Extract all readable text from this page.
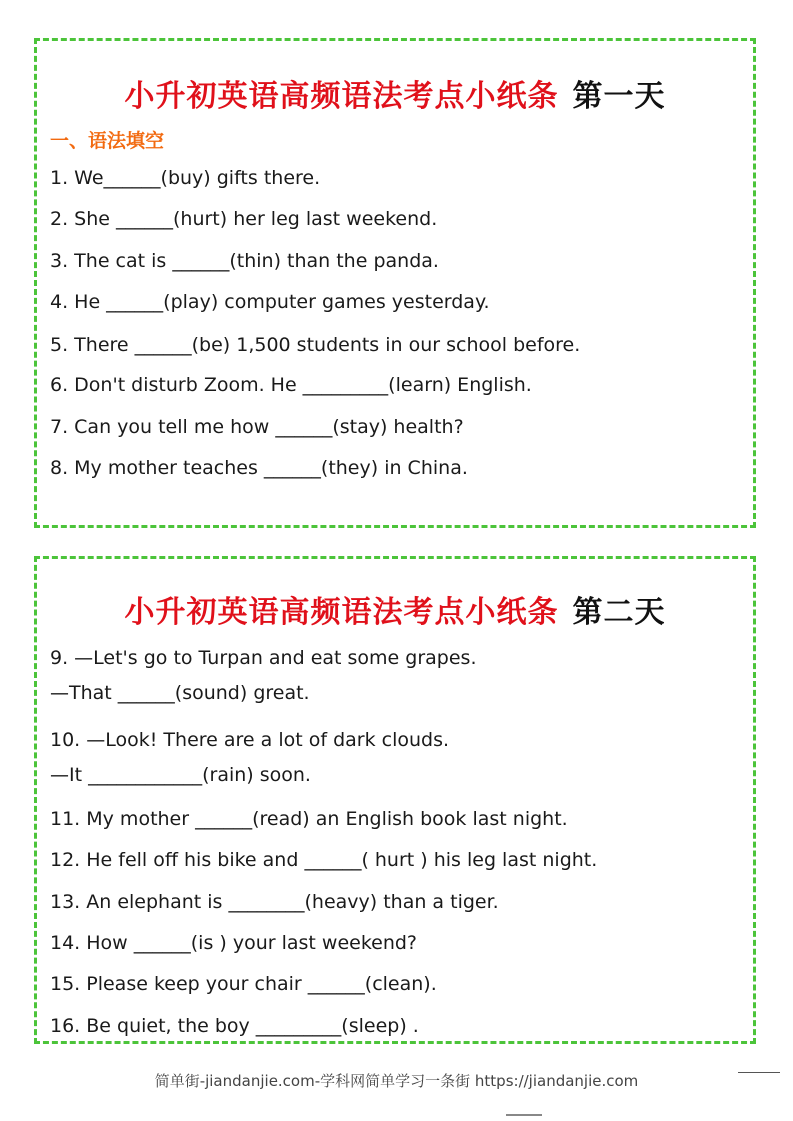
小升初英语高频语法考点小纸条 第一天
一、语法填空
1. We______(buy) gifts there.
2. She ______(hurt) her leg last weekend.
3. The cat is ______(thin) than the panda.
4. He ______(play) computer games yesterday.
5. There ______(be) 1,500 students in our school before.
6. Don't disturb Zoom. He _________(learn) English.
7. Can you tell me how ______(stay) health?
8. My mother teaches ______(they) in China.
小升初英语高频语法考点小纸条 第二天
9. —Let's go to Turpan and eat some grapes.
—That ______(sound) great.
10. —Look! There are a lot of dark clouds.
—It ____________(rain) soon.
11. My mother ______(read) an English book last night.
12. He fell off his bike and ______( hurt ) his leg last night.
13. An elephant is ________(heavy) than a tiger.
14. How ______(is ) your last weekend?
15. Please keep your chair ______(clean).
16. Be quiet, the boy _________(sleep) .
简单街-jiandanjie.com-学科网简单学习一条街 https://jiandanjie.com
